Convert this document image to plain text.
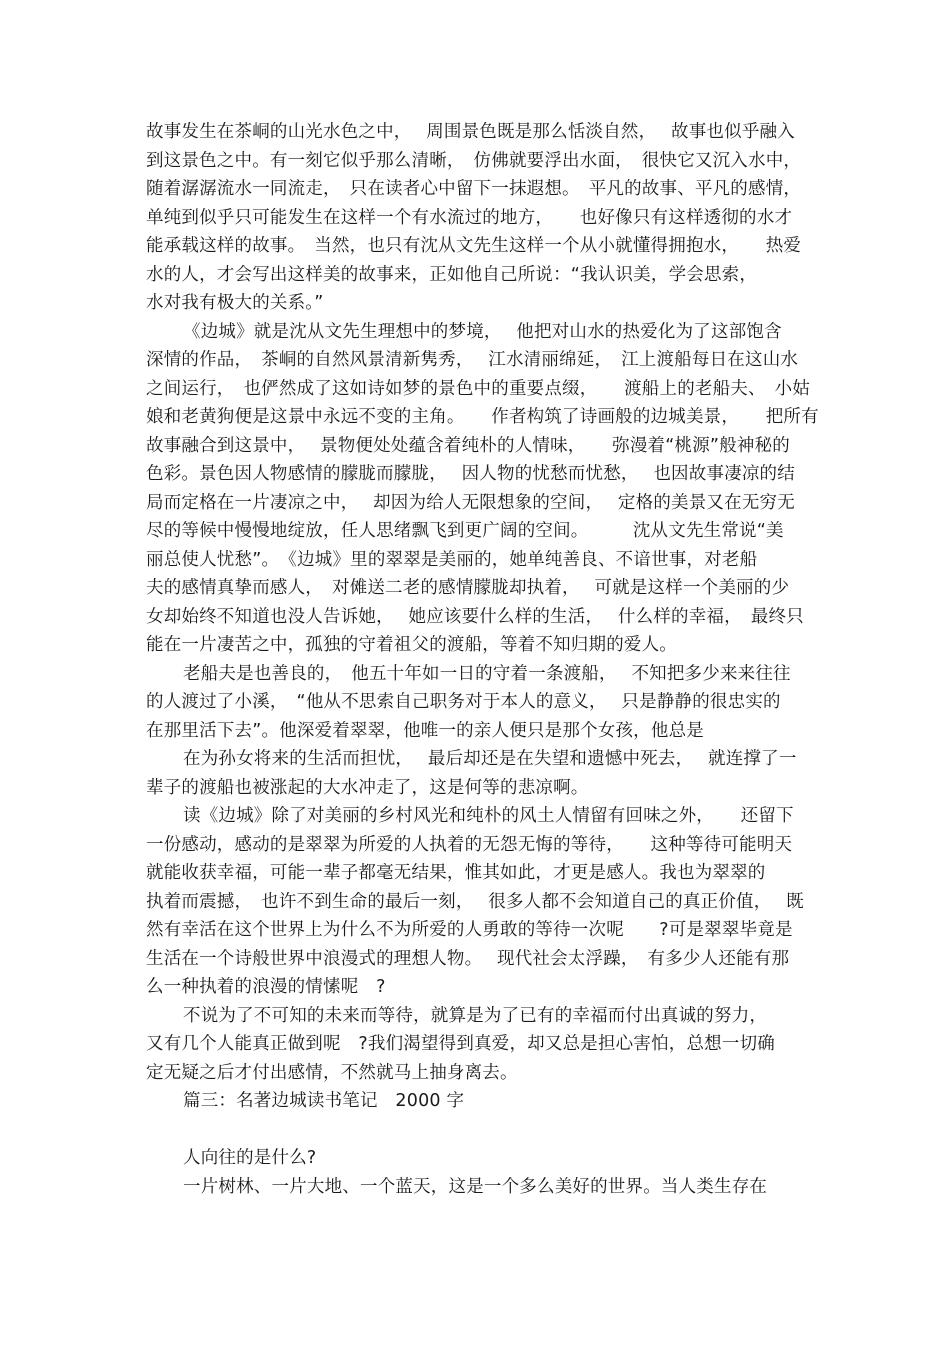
故事发生在茶峒的山光水色之中，　 周围景色既是那么恬淡自然，　 故事也似乎融入
到这景色之中。有一刻它似乎那么清晰，　仿佛就要浮出水面，　很快它又沉入水中，
随着潺潺流水一同流走，　只在读者心中留下一抹遐想。　平凡的故事、平凡的感情，
单纯到似乎只可能发生在这样一个有水流过的地方，　　也好像只有这样透彻的水才
能承载这样的故事。　当然，也只有沈从文先生这样一个从小就懂得拥抱水，　　热爱
水的人，才会写出这样美的故事来，正如他自己所说：“我认识美，学会思索，
水对我有极大的关系。”
《边城》就是沈从文先生理想中的梦境，　 他把对山水的热爱化为了这部饱含
深情的作品，　茶峒的自然风景清新隽秀，　 江水清丽绵延，　江上渡船每日在这山水
之间运行，　也俨然成了这如诗如梦的景色中的重要点缀，　　渡船上的老船夫、　小姑
娘和老黄狗便是这景中永远不变的主角。　　作者构筑了诗画般的边城美景，　　把所有
故事融合到这景中，　 景物便处处蕴含着纯朴的人情味，　　弥漫着“桃源”般神秘的
色彩。景色因人物感情的朦胧而朦胧，　 因人物的忧愁而忧愁，　 也因故事凄凉的结
局而定格在一片凄凉之中，　 却因为给人无限想象的空间，　 定格的美景又在无穷无
尽的等候中慢慢地绽放，任人思绪飘飞到更广阔的空间。　　　沈从文先生常说“美
丽总使人忧愁”。　《边城》里的翠翠是美丽的，她单纯善良、不谙世事，对老船
夫的感情真挚而感人，　对傩送二老的感情朦胧却执着，　 可就是这样一个美丽的少
女却始终不知道也没人告诉她，　 她应该要什么样的生活，　 什么样的幸福，　最终只
能在一片凄苦之中，孤独的守着祖父的渡船，等着不知归期的爱人。
老船夫是也善良的，　他五十年如一日的守着一条渡船，　 不知把多少来来往往
的人渡过了小溪，　“他从不思索自己职务对于本人的意义，　 只是静静的很忠实的
在那里活下去”。他深爱着翠翠，他唯一的亲人便只是那个女孩，他总是
在为孙女将来的生活而担忧，　 最后却还是在失望和遗憾中死去，　 就连撑了一
辈子的渡船也被涨起的大水冲走了，这是何等的悲凉啊。
读《边城》除了对美丽的乡村风光和纯朴的风土人情留有回味之外，　　还留下
一份感动，感动的是翠翠为所爱的人执着的无怨无悔的等待，　　这种等待可能明天
就能收获幸福，可能一辈子都毫无结果，惟其如此，才更是感人。我也为翠翠的
执着而震撼，　也许不到生命的最后一刻，　 很多人都不会知道自己的真正价值，　 既
然有幸活在这个世界上为什么不为所爱的人勇敢的等待一次呢　　?可是翠翠毕竟是
生活在一个诗般世界中浪漫式的理想人物。　 现代社会太浮躁，　有多少人还能有那
么一种执着的浪漫的情愫呢　?
不说为了不可知的未来而等待，就算是为了已有的幸福而付出真诚的努力，
又有几个人能真正做到呢　?我们渴望得到真爱，却又总是担心害怕，总想一切确
定无疑之后才付出感情，不然就马上抽身离去。
篇三：名著边城读书笔记　2000 字
人向往的是什么?
一片树林、一片大地、一个蓝天，这是一个多么美好的世界。当人类生存在
